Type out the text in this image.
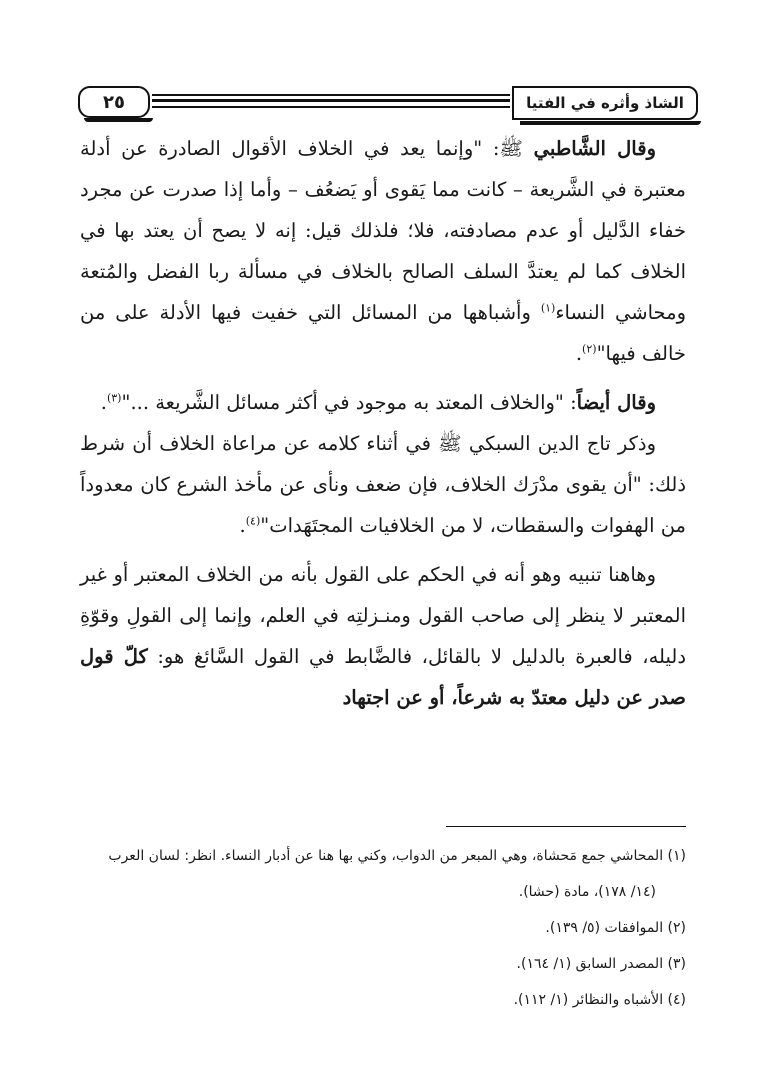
٢٥	الشاذ وأثره في الفتيا

وقال الشَّاطبي ﷺ: "وإنما يعد في الخلاف الأقوال الصادرة عن أدلة معتبرة في الشَّريعة – كانت مما يَقوى أو يَضعُف – وأما إذا صدرت عن مجرد خفاء الدَّليل أو عدم مصادفته، فلا؛ فلذلك قيل: إنه لا يصح أن يعتد بها في الخلاف كما لم يعتدَّ السلف الصالح بالخلاف في مسألة ربا الفضل والمُتعة ومحاشي النساء$^{(١)}$ وأشباهها من المسائل التي خفيت فيها الأدلة على من خالف فيها"$^{(٢)}$.

وقال أيضاً: "والخلاف المعتد به موجود في أكثر مسائل الشَّريعة ..."$^{(٣)}$.

وذكر تاج الدين السبكي ﷺ في أثناء كلامه عن مراعاة الخلاف أن شرط ذلك: "أن يقوى مدْرَك الخلاف، فإن ضعف ونأى عن مأخذ الشرع كان معدوداً من الهفوات والسقطات، لا من الخلافيات المجتَهَدات"$^{(٤)}$.

وهاهنا تنبيه وهو أنه في الحكم على القول بأنه من الخلاف المعتبر أو غير المعتبر لا ينظر إلى صاحب القول ومنـزلتِه في العلم، وإنما إلى القولِ وقوّةِ دليله، فالعبرة بالدليل لا بالقائل، فالضَّابط في القول السَّائغ هو: كلّ قول صدر عن دليل معتدّ به شرعاً، أو عن اجتهاد

(١) المحاشي جمع مَحشاة، وهي المبعر من الدواب، وكني بها هنا عن أدبار النساء. انظر: لسان العرب

(١٤/ ١٧٨)، مادة (حشا).

(٢) الموافقات (٥/ ١٣٩).

(٣) المصدر السابق (١/ ١٦٤).

(٤) الأشباه والنظائر (١/ ١١٢).
